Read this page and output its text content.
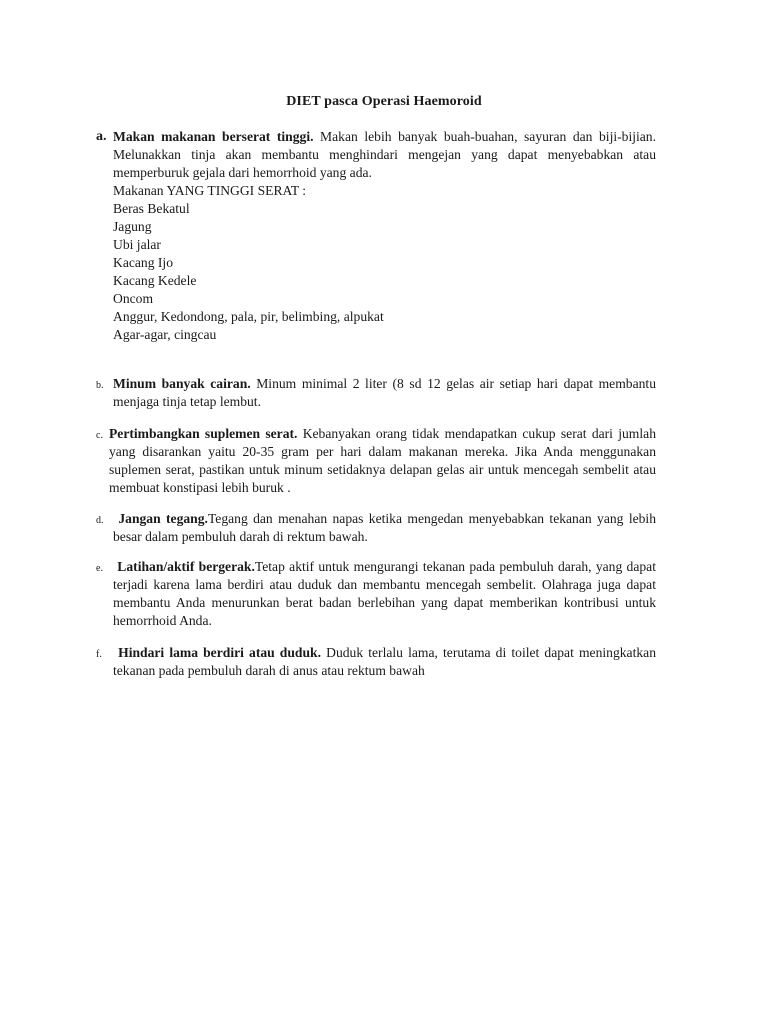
DIET pasca Operasi Haemoroid
a. Makan makanan berserat tinggi. Makan lebih banyak buah-buahan, sayuran dan biji-bijian. Melunakkan tinja akan membantu menghindari mengejan yang dapat menyebabkan atau memperburuk gejala dari hemorrhoid yang ada.
Makanan YANG TINGGI SERAT :
Beras Bekatul
Jagung
Ubi jalar
Kacang Ijo
Kacang Kedele
Oncom
Anggur, Kedondong, pala, pir, belimbing, alpukat
Agar-agar, cingcau
b. Minum banyak cairan. Minum minimal 2 liter (8 sd 12 gelas air setiap hari dapat membantu menjaga tinja tetap lembut.
c. Pertimbangkan suplemen serat. Kebanyakan orang tidak mendapatkan cukup serat dari jumlah yang disarankan yaitu 20-35 gram per hari dalam makanan mereka. Jika Anda menggunakan suplemen serat, pastikan untuk minum setidaknya delapan gelas air untuk mencegah sembelit atau membuat konstipasi lebih buruk .
d.	Jangan tegang.Tegang dan menahan napas ketika mengedan menyebabkan tekanan yang lebih besar dalam pembuluh darah di rektum bawah.
e.	Latihan/aktif bergerak.Tetap aktif untuk mengurangi tekanan pada pembuluh darah, yang dapat terjadi karena lama berdiri atau duduk dan membantu mencegah sembelit. Olahraga juga dapat membantu Anda menurunkan berat badan berlebihan yang dapat memberikan kontribusi untuk hemorrhoid Anda.
f.	Hindari lama berdiri atau duduk. Duduk terlalu lama, terutama di toilet dapat meningkatkan tekanan pada pembuluh darah di anus atau rektum bawah
